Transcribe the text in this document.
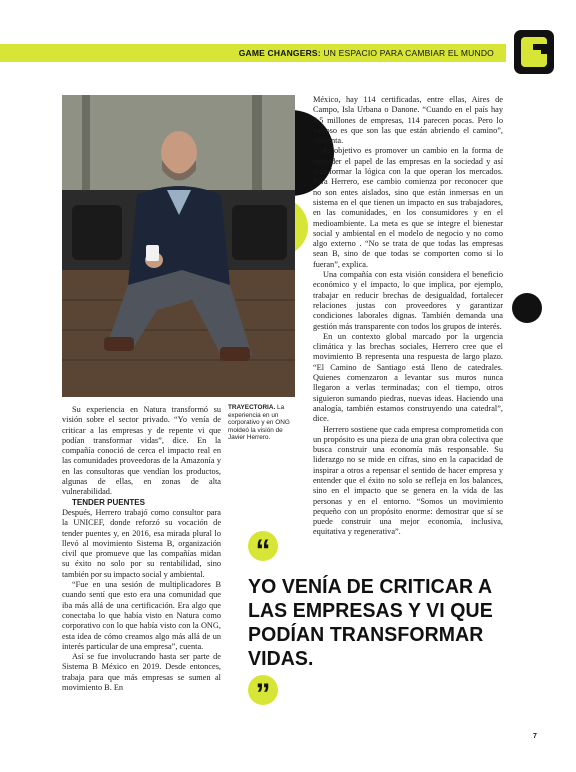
GAME CHANGERS: UN ESPACIO PARA CAMBIAR EL MUNDO
TRAYECTORIA. La experiencia en un corporativo y en ONG moldeó la visión de Javier Herrero.

Su experiencia en Natura transformó su visión sobre el sector privado. “Yo venía de criticar a las empresas y de repente vi que podían transformar vidas”, dice. En la compañía conoció de cerca el impacto real en las comunidades proveedoras de la Amazonía y en las consultoras que vendían los productos, algunas de ellas, en zonas de alta vulnerabilidad.

TENDER PUENTES

Después, Herrero trabajó como consultor para la UNICEF, donde reforzó su vocación de tender puentes y, en 2016, esa mirada plural lo llevó al movimiento Sistema B, organización civil que promueve que las compañías midan su éxito no solo por su rentabilidad, sino también por su impacto social y ambiental.

“Fue en una sesión de multiplicadores B cuando sentí que esto era una comunidad que iba más allá de una certificación. Era algo que conectaba lo que había visto en Natura como corporativo con lo que había visto con la ONG, esta idea de cómo creamos algo más allá de un interés particular de una empresa”, cuenta.

Así se fue involucrando hasta ser parte de Sistema B México en 2019. Desde entonces, trabaja para que más empresas se sumen al movimiento B. En

México, hay 114 certificadas, entre ellas, Aires de Campo, Isla Urbana o Danone. “Cuando en el país hay 4.5 millones de empresas, 114 parecen pocas. Pero lo valioso es que son las que están abriendo el camino”, comenta.

El objetivo es promover un cambio en la forma de entender el papel de las empresas en la sociedad y así transformar la lógica con la que operan los mercados. Para Herrero, ese cambio comienza por reconocer que no son entes aislados, sino que están inmersas en un sistema en el que tienen un impacto en sus trabajadores, en las comunidades, en los consumidores y en el medioambiente. La meta es que se integre el bienestar social y ambiental en el modelo de negocio y no como algo externo . “No se trata de que todas las empresas sean B, sino de que todas se comporten como si lo fueran”, explica.

Una compañía con esta visión considera el beneficio económico y el impacto, lo que implica, por ejemplo, trabajar en reducir brechas de desigualdad, fortalecer relaciones justas con proveedores y garantizar condiciones laborales dignas. También demanda una gestión más transparente con todos los grupos de interés.

En un contexto global marcado por la urgencia climática y las brechas sociales, Herrero cree que el movimiento B representa una respuesta de largo plazo. “El Camino de Santiago está lleno de catedrales. Quienes comenzaron a levantar sus muros nunca llegaron a verlas terminadas; con el tiempo, otros siguieron sumando piedras, nuevas ideas. Haciendo una analogía, también estamos construyendo una catedral”, dice.

Herrero sostiene que cada empresa comprometida con un propósito es una pieza de una gran obra colectiva que busca construir una economía más responsable. Su liderazgo no se mide en cifras, sino en la capacidad de inspirar a otros a repensar el sentido de hacer empresa y entender que el éxito no solo se refleja en los balances, sino en el impacto que se genera en la vida de las personas y en el entorno. “Somos un movimiento pequeño con un propósito enorme: demostrar que sí se puede construir una mejor economía, inclusiva, equitativa y regenerativa”.

“
YO VENÍA DE CRITICAR A LAS EMPRESAS Y VI QUE PODÍAN TRANSFORMAR VIDAS.
”
7
